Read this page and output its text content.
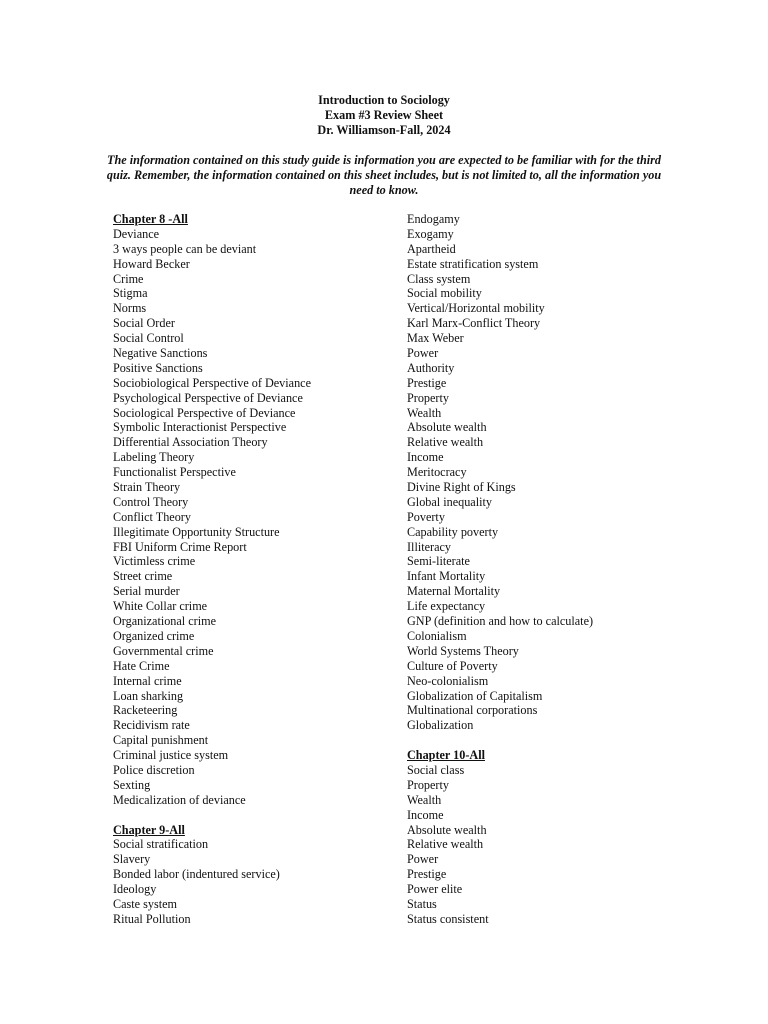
Introduction to Sociology
Exam #3 Review Sheet
Dr. Williamson-Fall, 2024
The information contained on this study guide is information you are expected to be familiar with for the third quiz. Remember, the information contained on this sheet includes, but is not limited to, all the information you need to know.
Chapter 8 -All
Deviance
3 ways people can be deviant
Howard Becker
Crime
Stigma
Norms
Social Order
Social Control
Negative Sanctions
Positive Sanctions
Sociobiological Perspective of Deviance
Psychological Perspective of Deviance
Sociological Perspective of Deviance
Symbolic Interactionist Perspective
Differential Association Theory
Labeling Theory
Functionalist Perspective
Strain Theory
Control Theory
Conflict Theory
Illegitimate Opportunity Structure
FBI Uniform Crime Report
Victimless crime
Street crime
Serial murder
White Collar crime
Organizational crime
Organized crime
Governmental crime
Hate Crime
Internal crime
Loan sharking
Racketeering
Recidivism rate
Capital punishment
Criminal justice system
Police discretion
Sexting
Medicalization of deviance
Chapter 9-All
Social stratification
Slavery
Bonded labor (indentured service)
Ideology
Caste system
Ritual Pollution
Endogamy
Exogamy
Apartheid
Estate stratification system
Class system
Social mobility
Vertical/Horizontal mobility
Karl Marx-Conflict Theory
Max Weber
Power
Authority
Prestige
Property
Wealth
Absolute wealth
Relative wealth
Income
Meritocracy
Divine Right of Kings
Global inequality
Poverty
Capability poverty
Illiteracy
Semi-literate
Infant Mortality
Maternal Mortality
Life expectancy
GNP (definition and how to calculate)
Colonialism
World Systems Theory
Culture of Poverty
Neo-colonialism
Globalization of Capitalism
Multinational corporations
Globalization
Chapter 10-All
Social class
Property
Wealth
Income
Absolute wealth
Relative wealth
Power
Prestige
Power elite
Status
Status consistent
